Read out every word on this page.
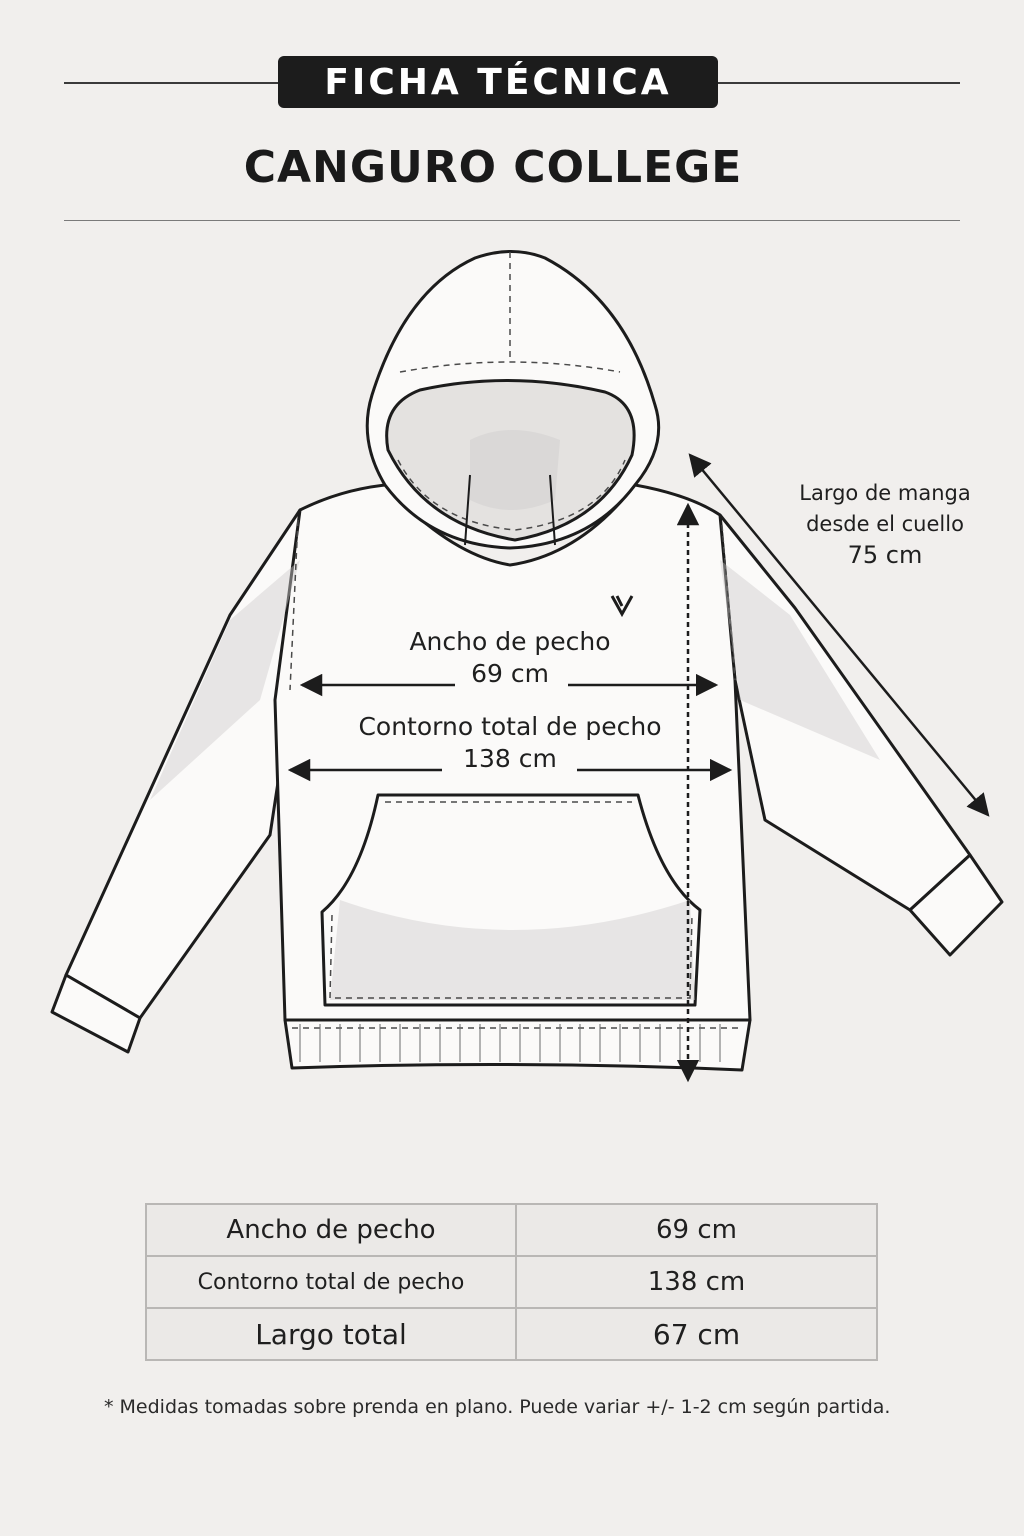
FICHA TÉCNICA
CANGURO COLLEGE
Ancho de pecho
69 cm
Contorno total de pecho
138 cm
Largo de manga
desde el cuello
75 cm
Ancho de pecho	69 cm
Contorno total de pecho	138 cm
Largo total	67 cm
* Medidas tomadas sobre prenda en plano. Puede variar +/- 1-2 cm según partida.
